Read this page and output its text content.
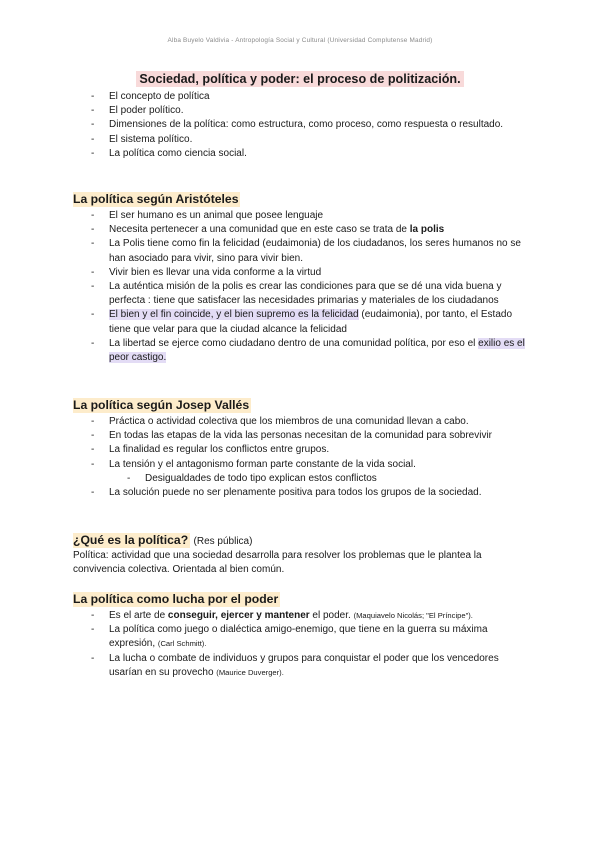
Alba Buyelo Valdivia - Antropología Social y Cultural (Universidad Complutense Madrid)
Sociedad, política y poder: el proceso de politización.
- El concepto de política
- El poder político.
- Dimensiones de la política: como estructura, como proceso, como respuesta o resultado.
- El sistema político.
- La política como ciencia social.
La política según Aristóteles
- El ser humano es un animal que posee lenguaje
- Necesita pertenecer a una comunidad que en este caso se trata de la polis
- La Polis tiene como fin la felicidad (eudaimonia) de los ciudadanos, los seres humanos no se han asociado para vivir, sino para vivir bien.
- Vivir bien es llevar una vida conforme a la virtud
- La auténtica misión de la polis es crear las condiciones para que se dé una vida buena y perfecta : tiene que satisfacer las necesidades primarias y materiales de los ciudadanos
- El bien y el fin coincide, y el bien supremo es la felicidad (eudaimonia), por tanto, el Estado tiene que velar para que la ciudad alcance la felicidad
- La libertad se ejerce como ciudadano dentro de una comunidad política, por eso el exilio es el peor castigo.
La política según Josep Vallés
- Práctica o actividad colectiva que los miembros de una comunidad llevan a cabo.
- En todas las etapas de la vida las personas necesitan de la comunidad para sobrevivir
- La finalidad es regular los conflictos entre grupos.
- La tensión y el antagonismo forman parte constante de la vida social.
- Desigualdades de todo tipo explican estos conflictos
- La solución puede no ser plenamente positiva para todos los grupos de la sociedad.
¿Qué es la política? (Res pública)

Política: actividad que una sociedad desarrolla para resolver los problemas que le plantea la convivencia colectiva. Orientada al bien común.

La política como lucha por el poder
- Es el arte de conseguir, ejercer y mantener el poder. (Maquiavelo Nicolás; "El Príncipe").
- La política como juego o dialéctica amigo-enemigo, que tiene en la guerra su máxima expresión, (Carl Schmitt).
- La lucha o combate de individuos y grupos para conquistar el poder que los vencedores usarían en su provecho (Maurice Duverger).
